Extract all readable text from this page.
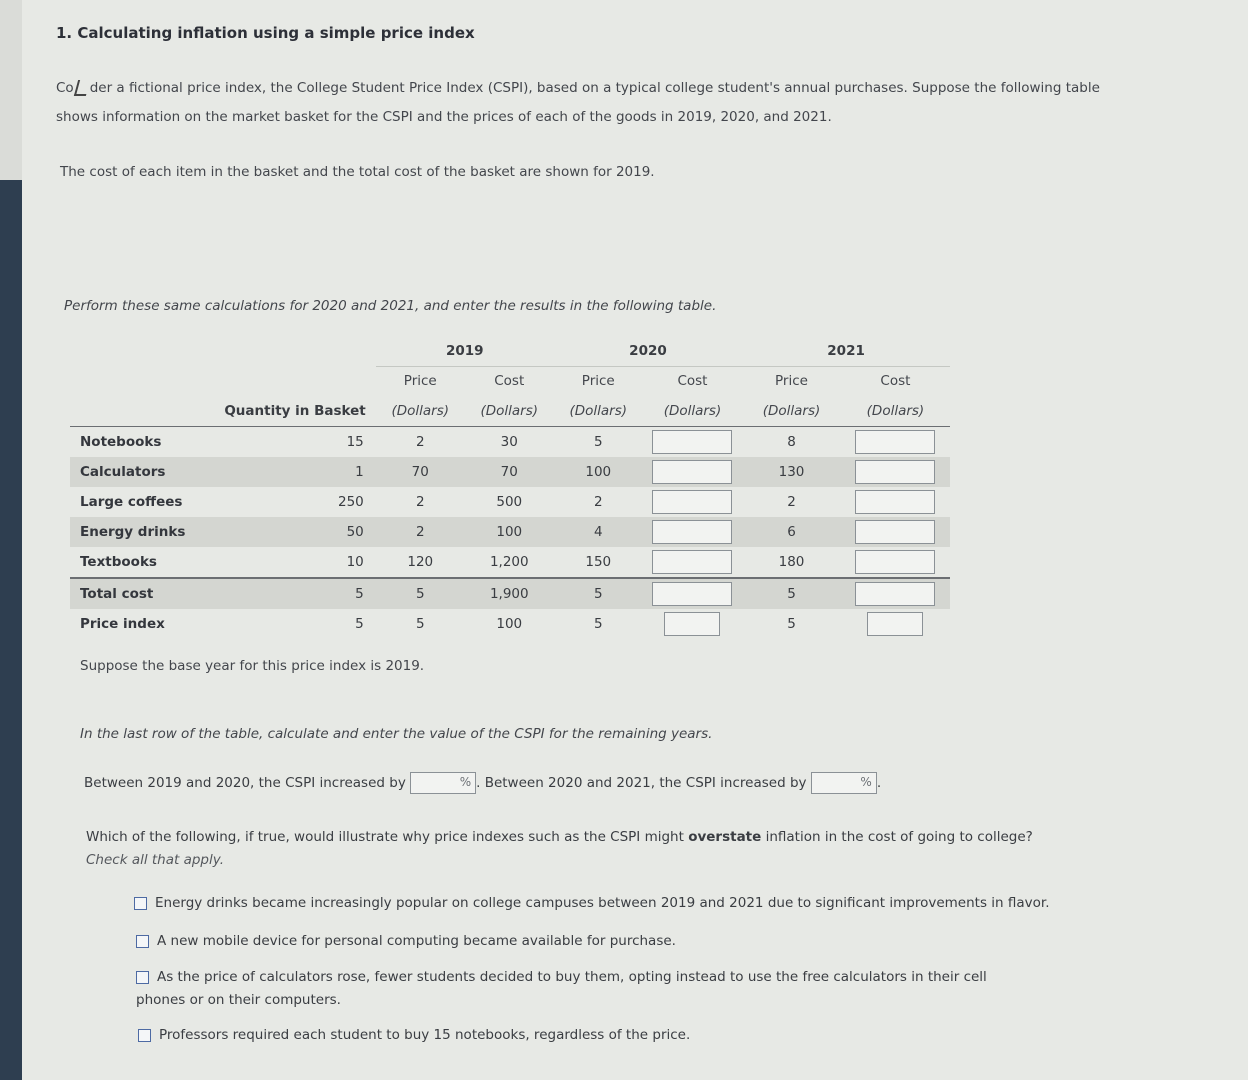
1. Calculating inflation using a simple price index
Co der a fictional price index, the College Student Price Index (CSPI), based on a typical college student's annual purchases. Suppose the following table shows information on the market basket for the CSPI and the prices of each of the goods in 2019, 2020, and 2021.
The cost of each item in the basket and the total cost of the basket are shown for 2019.
Perform these same calculations for 2020 and 2021, and enter the results in the following table.
		2019		2020		2021	
		Price	Cost	Price	Cost	Price	Cost
	Quantity in Basket	(Dollars)	(Dollars)	(Dollars)	(Dollars)	(Dollars)	(Dollars)
Notebooks	15	2	30	5		8	
Calculators	1	70	70	100		130	
Large coffees	250	2	500	2		2	
Energy drinks	50	2	100	4		6	
Textbooks	10	120	1,200	150		180	
Total cost	5	5	1,900	5		5	
Price index	5	5	100	5		5	
Suppose the base year for this price index is 2019.
In the last row of the table, calculate and enter the value of the CSPI for the remaining years.
Between 2019 and 2020, the CSPI increased by	% . Between 2020 and 2021, the CSPI increased by	% .
Which of the following, if true, would illustrate why price indexes such as the CSPI might overstate inflation in the cost of going to college? Check all that apply.
Energy drinks became increasingly popular on college campuses between 2019 and 2021 due to significant improvements in flavor.
A new mobile device for personal computing became available for purchase.
As the price of calculators rose, fewer students decided to buy them, opting instead to use the free calculators in their cell phones or on their computers.
Professors required each student to buy 15 notebooks, regardless of the price.
